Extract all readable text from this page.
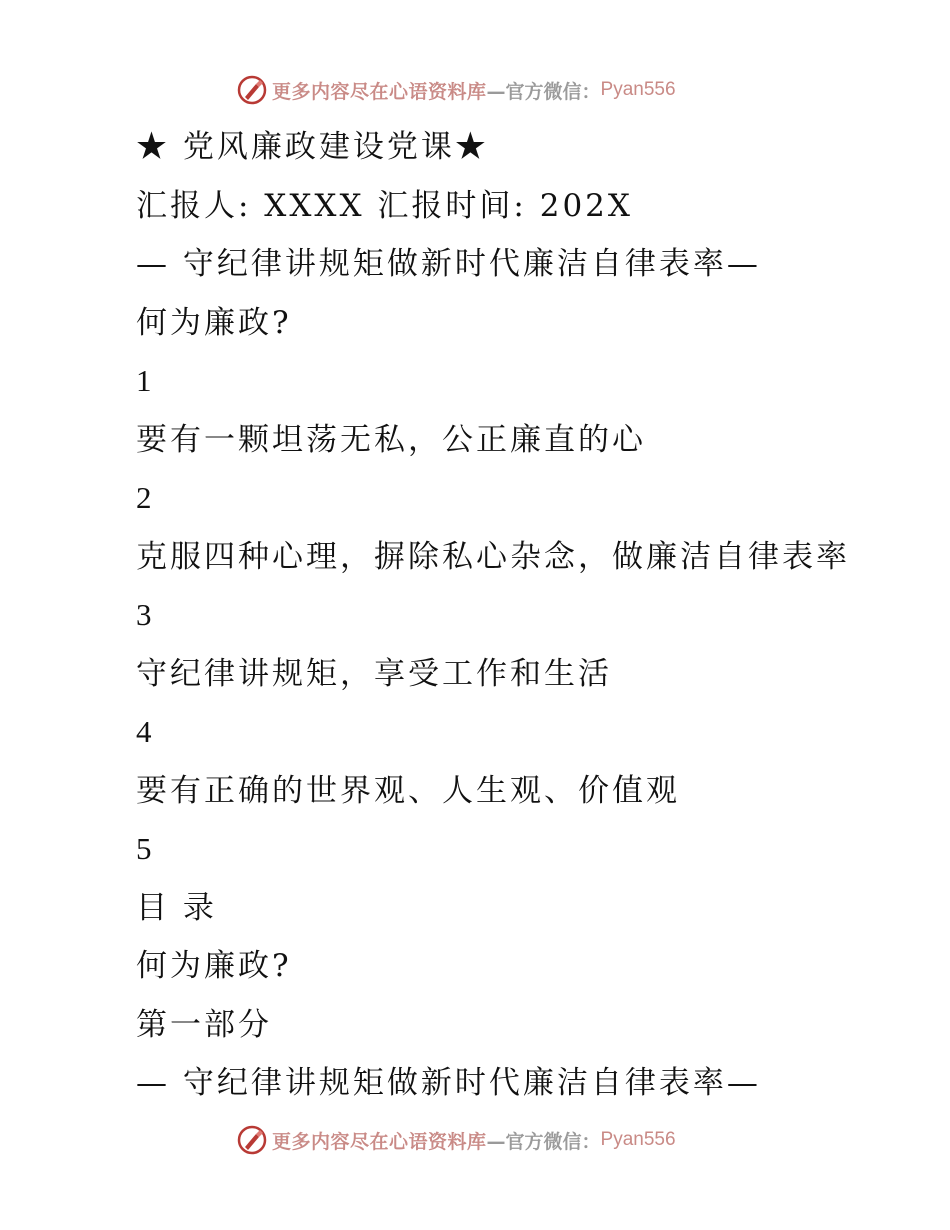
更多内容尽在心语资料库 —官方微信： Pyan556
★ 党风廉政建设党课★
汇报人: XXXX 汇报时间: 202X
— 守纪律讲规矩做新时代廉洁自律表率—
何为廉政?
1
要有一颗坦荡无私，公正廉直的心
2
克服四种心理，摒除私心杂念，做廉洁自律表率
3
守纪律讲规矩，享受工作和生活
4
要有正确的世界观、人生观、价值观
5
目 录
何为廉政?
第一部分
— 守纪律讲规矩做新时代廉洁自律表率—
更多内容尽在心语资料库 —官方微信： Pyan556
